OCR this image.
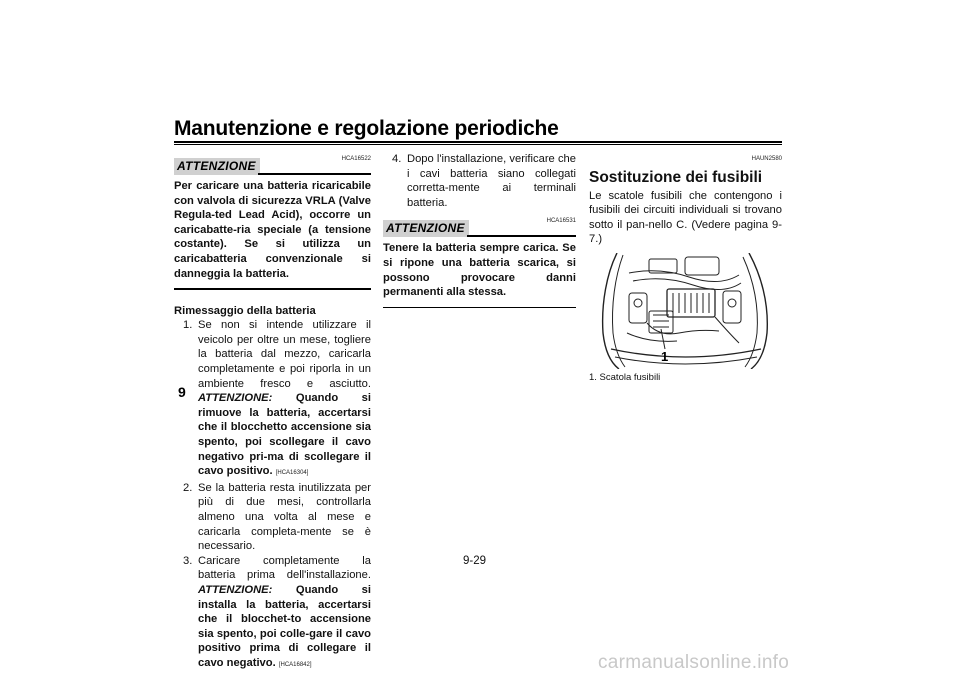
Manutenzione e regolazione periodiche
9
ATTENZIONE	HCA16522
Per caricare una batteria ricaricabile con valvola di sicurezza VRLA (Valve Regula-ted Lead Acid), occorre un caricabatte-ria speciale (a tensione costante). Se si utilizza un caricabatteria convenzionale si danneggia la batteria.
Rimessaggio della batteria
1. Se non si intende utilizzare il veicolo per oltre un mese, togliere la batteria dal mezzo, caricarla completamente e poi riporla in un ambiente fresco e asciutto. ATTENZIONE: Quando si rimuove la batteria, accertarsi che il blocchetto accensione sia spento, poi scollegare il cavo negativo pri-ma di scollegare il cavo positivo. [HCA16304]
2. Se la batteria resta inutilizzata per più di due mesi, controllarla almeno una volta al mese e caricarla completa-mente se è necessario.
3. Caricare completamente la batteria prima dell'installazione. ATTENZIONE: Quando si installa la batteria, accertarsi che il blocchet-to accensione sia spento, poi colle-gare il cavo positivo prima di collegare il cavo negativo. [HCA16842]
4. Dopo l'installazione, verificare che i cavi batteria siano collegati corretta-mente ai terminali batteria.
ATTENZIONE	HCA16531
Tenere la batteria sempre carica. Se si ripone una batteria scarica, si possono provocare danni permanenti alla stessa.
HAUN2580
Sostituzione dei fusibili
Le scatole fusibili che contengono i fusibili dei circuiti individuali si trovano sotto il pan-nello C. (Vedere pagina 9-7.)
1
1. Scatola fusibili
9-29
carmanualsonline.info
